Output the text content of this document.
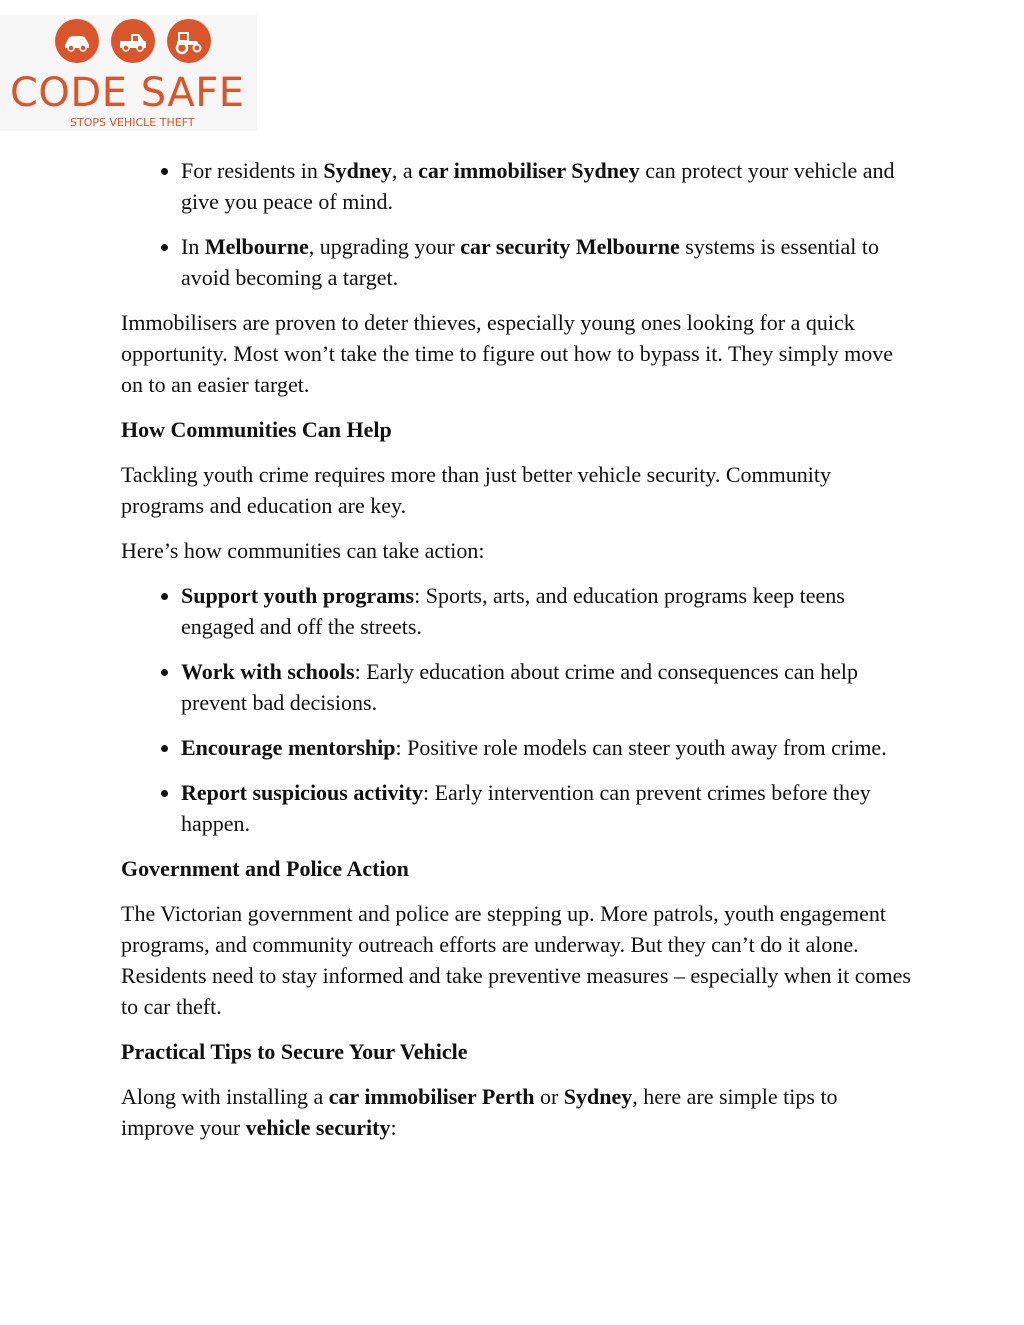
CODE SAFE
STOPS VEHICLE THEFT
• For residents in Sydney, a car immobiliser Sydney can protect your vehicle and give you peace of mind.
• In Melbourne, upgrading your car security Melbourne systems is essential to avoid becoming a target.

Immobilisers are proven to deter thieves, especially young ones looking for a quick opportunity. Most won’t take the time to figure out how to bypass it. They simply move on to an easier target.

How Communities Can Help

Tackling youth crime requires more than just better vehicle security. Community programs and education are key.

Here’s how communities can take action:

• Support youth programs: Sports, arts, and education programs keep teens engaged and off the streets.
• Work with schools: Early education about crime and consequences can help prevent bad decisions.
• Encourage mentorship: Positive role models can steer youth away from crime.
• Report suspicious activity: Early intervention can prevent crimes before they happen.
Government and Police Action

The Victorian government and police are stepping up. More patrols, youth engagement programs, and community outreach efforts are underway. But they can’t do it alone. Residents need to stay informed and take preventive measures – especially when it comes to car theft.

Practical Tips to Secure Your Vehicle

Along with installing a car immobiliser Perth or Sydney, here are simple tips to improve your vehicle security:
